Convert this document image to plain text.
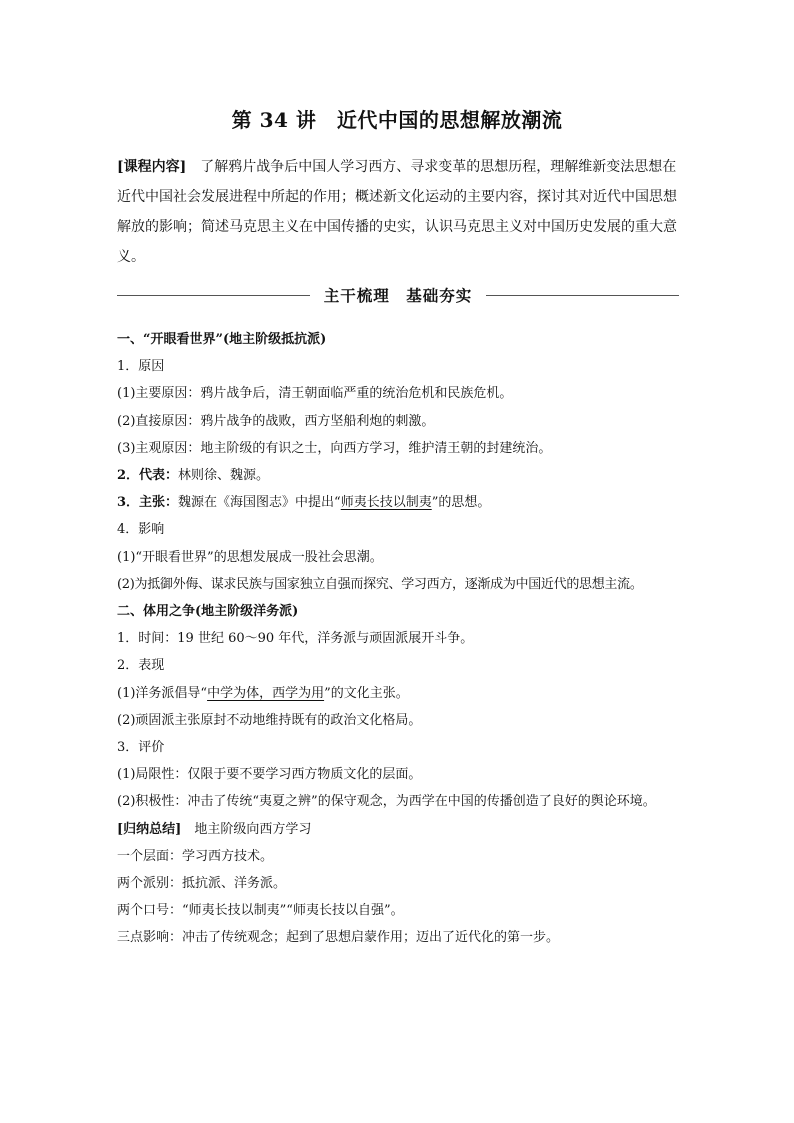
第 34 讲　近代中国的思想解放潮流
[课程内容]　了解鸦片战争后中国人学习西方、寻求变革的思想历程，理解维新变法思想在近代中国社会发展进程中所起的作用；概述新文化运动的主要内容，探讨其对近代中国思想解放的影响；简述马克思主义在中国传播的史实，认识马克思主义对中国历史发展的重大意义。
主干梳理　基础夯实
一、“开眼看世界”(地主阶级抵抗派)
1．原因
(1)主要原因：鸦片战争后，清王朝面临严重的统治危机和民族危机。
(2)直接原因：鸦片战争的战败，西方坚船利炮的刺激。
(3)主观原因：地主阶级的有识之士，向西方学习，维护清王朝的封建统治。
2．代表：林则徐、魏源。
3．主张：魏源在《海国图志》中提出“师夷长技以制夷”的思想。
4．影响
(1)“开眼看世界”的思想发展成一股社会思潮。
(2)为抵御外侮、谋求民族与国家独立自强而探究、学习西方，逐渐成为中国近代的思想主流。
二、体用之争(地主阶级洋务派)
1．时间：19 世纪 60～90 年代，洋务派与顽固派展开斗争。
2．表现
(1)洋务派倡导“中学为体，西学为用”的文化主张。
(2)顽固派主张原封不动地维持既有的政治文化格局。
3．评价
(1)局限性：仅限于要不要学习西方物质文化的层面。
(2)积极性：冲击了传统“夷夏之辨”的保守观念，为西学在中国的传播创造了良好的舆论环境。
[归纳总结]　地主阶级向西方学习
一个层面：学习西方技术。
两个派别：抵抗派、洋务派。
两个口号：“师夷长技以制夷”“师夷长技以自强”。
三点影响：冲击了传统观念；起到了思想启蒙作用；迈出了近代化的第一步。
